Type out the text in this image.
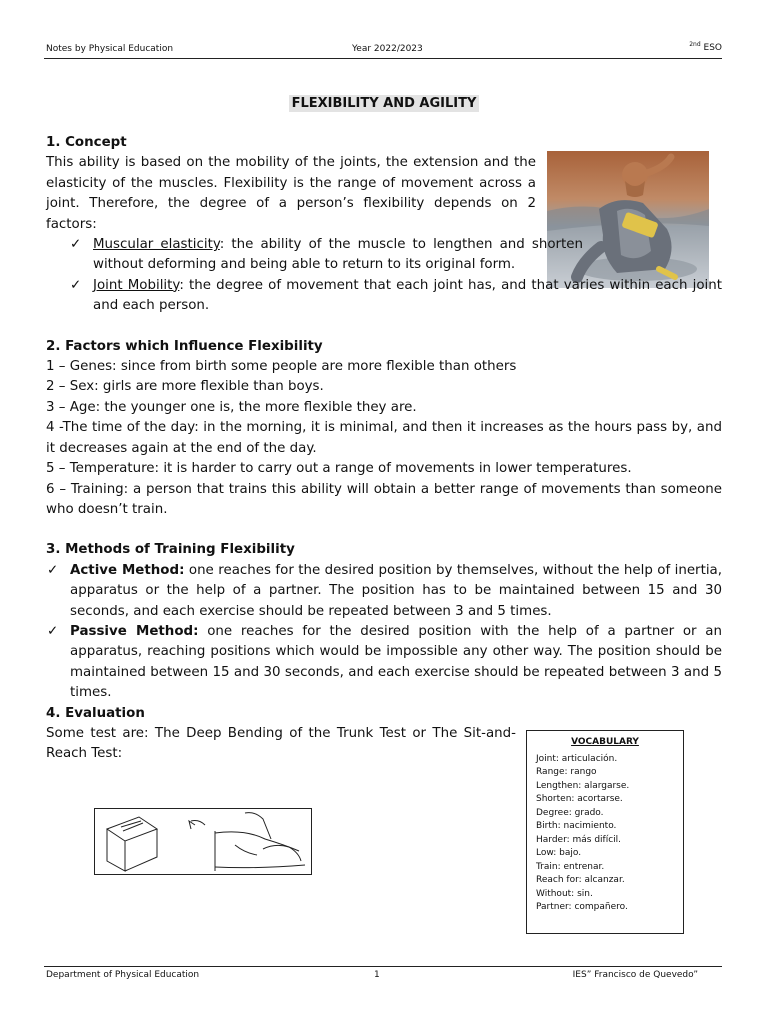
Notes by Physical Education	Year 2022/2023	$^{2nd}$ ESO
FLEXIBILITY AND AGILITY
1. Concept

This ability is based on the mobility of the joints, the extension and the elasticity of the muscles. Flexibility is the range of movement across a joint. Therefore, the degree of a person’s flexibility depends on 2 factors:

✓ Muscular elasticity: the ability of the muscle to lengthen and shorten without deforming and being able to return to its original form.
✓ Joint Mobility: the degree of movement that each joint has, and that varies within each joint and each person.
2. Factors which Influence Flexibility

1 – Genes: since from birth some people are more flexible than others

2 – Sex: girls are more flexible than boys.

3 – Age: the younger one is, the more flexible they are.

4 -The time of the day: in the morning, it is minimal, and then it increases as the hours pass by, and it decreases again at the end of the day.

5 – Temperature: it is harder to carry out a range of movements in lower temperatures.

6 – Training: a person that trains this ability will obtain a better range of movements than someone who doesn’t train.

3. Methods of Training Flexibility
✓ Active Method: one reaches for the desired position by themselves, without the help of inertia, apparatus or the help of a partner. The position has to be maintained between 15 and 30 seconds, and each exercise should be repeated between 3 and 5 times.
✓ Passive Method: one reaches for the desired position with the help of a partner or an apparatus, reaching positions which would be impossible any other way. The position should be maintained between 15 and 30 seconds, and each exercise should be repeated between 3 and 5 times.
4. Evaluation

Some test are: The Deep Bending of the Trunk Test or The Sit-and-Reach Test:

VOCABULARY
Joint: articulación.
Range: rango
Lengthen: alargarse.
Shorten: acortarse.
Degree: grado.
Birth: nacimiento.
Harder: más difícil.
Low: bajo.
Train: entrenar.
Reach for: alcanzar.
Without: sin.
Partner: compañero.
Department of Physical Education	1	IES” Francisco de Quevedo”
